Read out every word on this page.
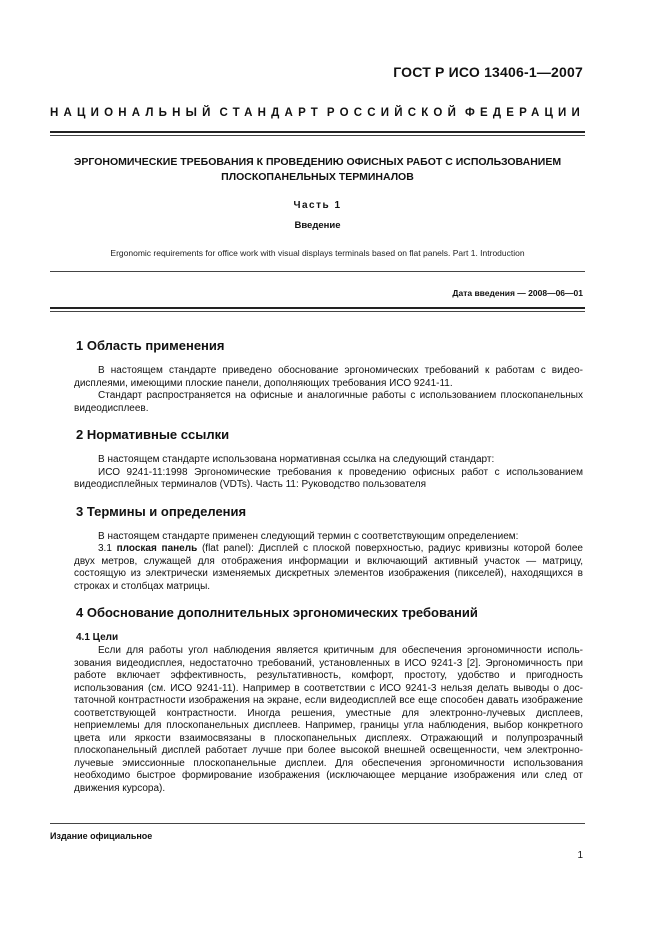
ГОСТ Р ИСО 13406-1—2007
НАЦИОНАЛЬНЫЙ СТАНДАРТ РОССИЙСКОЙ ФЕДЕРАЦИИ
ЭРГОНОМИЧЕСКИЕ ТРЕБОВАНИЯ К ПРОВЕДЕНИЮ ОФИСНЫХ РАБОТ С ИСПОЛЬЗОВАНИЕМ
ПЛОСКОПАНЕЛЬНЫХ ТЕРМИНАЛОВ
Часть 1
Введение
Ergonomic requirements for office work with visual displays terminals based on flat panels. Part 1. Introduction
Дата введения — 2008—06—01
1 Область применения

В настоящем стандарте приведено обоснование эргономических требований к работам с видеодисплеями, имеющими плоские панели, дополняющих требования ИСО 9241-11.

Стандарт распространяется на офисные и аналогичные работы с использованием плоскопанельных видеодисплеев.

2 Нормативные ссылки

В настоящем стандарте использована нормативная ссылка на следующий стандарт:

ИСО 9241-11:1998 Эргономические требования к проведению офисных работ с использованием видеодисплейных терминалов (VDTs). Часть 11: Руководство пользователя

3 Термины и определения

В настоящем стандарте применен следующий термин с соответствующим определением:

3.1 плоская панель (flat panel): Дисплей с плоской поверхностью, радиус кривизны которой более двух метров, служащей для отображения информации и включающий активный участок — матрицу, состоящую из электрически изменяемых дискретных элементов изображения (пикселей), находящихся в строках и столбцах матрицы.

4 Обоснование дополнительных эргономических требований
4.1 Цели

Если для работы угол наблюдения является критичным для обеспечения эргономичности использования видеодисплея, недостаточно требований, установленных в ИСО 9241-3 [2]. Эргономичность при работе включает эффективность, результативность, комфорт, простоту, удобство и пригодность использования (см. ИСО 9241-11). Например в соответствии с ИСО 9241-3 нельзя делать выводы о достаточной контрастности изображения на экране, если видеодисплей все еще способен давать изображение соответствующей контрастности. Иногда решения, уместные для электронно-лучевых дисплеев, неприемлемы для плоскопанельных дисплеев. Например, границы угла наблюдения, выбор конкретного цвета или яркости взаимосвязаны в плоскопанельных дисплеях. Отражающий и полупрозрачный плоскопанельный дисплей работает лучше при более высокой внешней освещенности, чем электронно-лучевые эмиссионные плоскопанельные дисплеи. Для обеспечения эргономичности использования необходимо быстрое формирование изображения (исключающее мерцание изображения или след от движения курсора).

Издание официальное
1
